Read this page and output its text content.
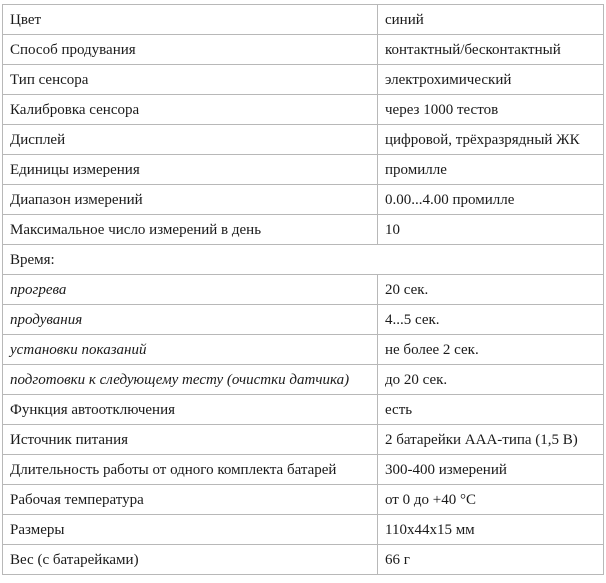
Цвет	синий
Способ продувания	контактный/бесконтактный
Тип сенсора	электрохимический
Калибровка сенсора	через 1000 тестов
Дисплей	цифровой, трёхразрядный ЖК
Единицы измерения	промилле
Диапазон измерений	0.00...4.00 промилле
Максимальное число измерений в день	10
Время:	
прогрева	20 сек.
продувания	4...5 сек.
установки показаний	не более 2 сек.
подготовки к следующему тесту (очистки датчика)	до 20 сек.
Функция автоотключения	есть
Источник питания	2 батарейки ААА-типа (1,5 В)
Длительность работы от одного комплекта батарей	300-400 измерений
Рабочая температура	от 0 до +40 °С
Размеры	110х44х15 мм
Вес (с батарейками)	66 г
